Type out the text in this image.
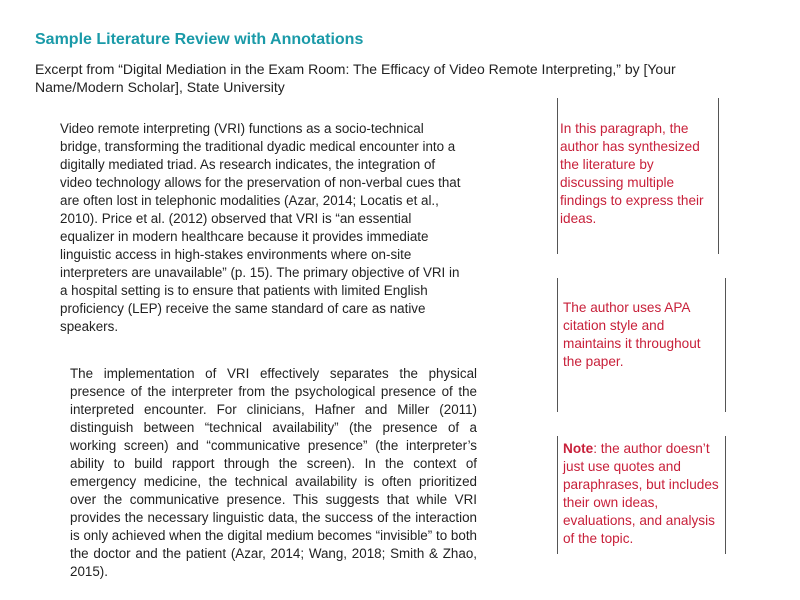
Sample Literature Review with Annotations

Excerpt from “Digital Mediation in the Exam Room: The Efficacy of Video Remote Interpreting,” by [Your Name/Modern Scholar], State University

Video remote interpreting (VRI) functions as a socio-technical bridge, transforming the traditional dyadic medical encounter into a digitally mediated triad. As research indicates, the integration of video technology allows for the preservation of non-verbal cues that are often lost in telephonic modalities (Azar, 2014; Locatis et al., 2010). Price et al. (2012) observed that VRI is “an essential equalizer in modern healthcare because it provides immediate linguistic access in high-stakes environments where on-site interpreters are unavailable” (p. 15). The primary objective of VRI in a hospital setting is to ensure that patients with limited English proficiency (LEP) receive the same standard of care as native speakers.

The implementation of VRI effectively separates the physical presence of the interpreter from the psychological presence of the interpreted encounter. For clinicians, Hafner and Miller (2011) distinguish between “technical availability” (the presence of a working screen) and “communicative presence” (the interpreter’s ability to build rapport through the screen). In the context of emergency medicine, the technical availability is often prioritized over the communicative presence. This suggests that while VRI provides the necessary linguistic data, the success of the interaction is only achieved when the digital medium becomes “invisible” to both the doctor and the patient (Azar, 2014; Wang, 2018; Smith & Zhao, 2015).

In this paragraph, the author has synthesized the literature by discussing multiple findings to express their ideas.

The author uses APA citation style and maintains it throughout the paper.

Note: the author doesn’t just use quotes and paraphrases, but includes their own ideas, evaluations, and analysis of the topic.
